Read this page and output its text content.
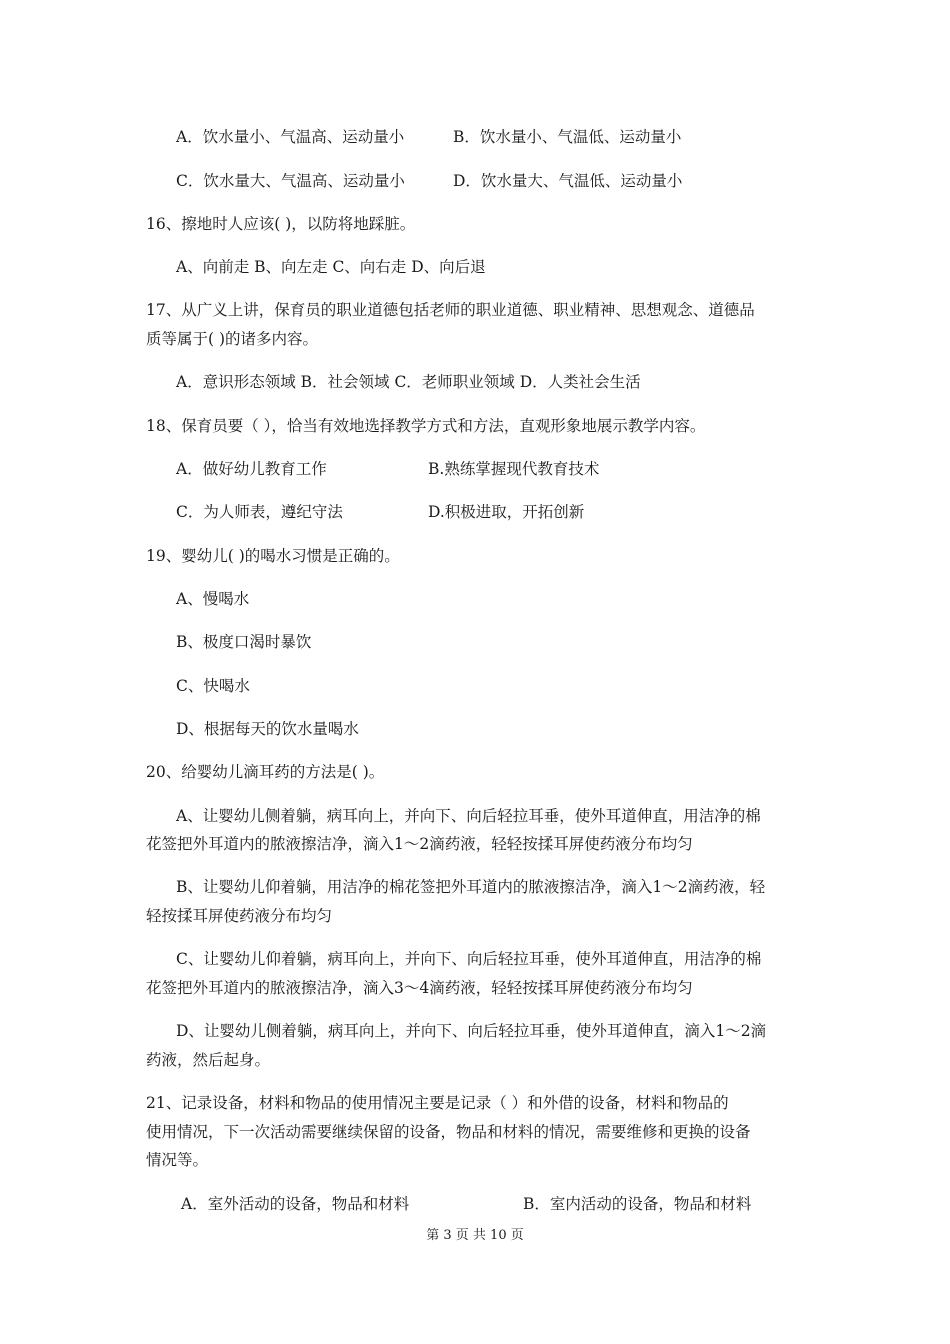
A．饮水量小、气温高、运动量小	B．饮水量小、气温低、运动量小
C．饮水量大、气温高、运动量小	D．饮水量大、气温低、运动量小
16、擦地时人应该( )，以防将地踩脏。
A、向前走 B、向左走 C、向右走 D、向后退
17、从广义上讲，保育员的职业道德包括老师的职业道德、职业精神、思想观念、道德品
质等属于( )的诸多内容。
A．意识形态领域 B．社会领域 C．老师职业领域 D．人类社会生活
18、保育员要（ ），恰当有效地选择教学方式和方法，直观形象地展示教学内容。
A．做好幼儿教育工作	B.熟练掌握现代教育技术
C．为人师表，遵纪守法	D.积极进取，开拓创新
19、婴幼儿( )的喝水习惯是正确的。
A、慢喝水
B、极度口渴时暴饮
C、快喝水
D、根据每天的饮水量喝水
20、给婴幼儿滴耳药的方法是( )。
A、让婴幼儿侧着躺，病耳向上，并向下、向后轻拉耳垂，使外耳道伸直，用洁净的棉
花签把外耳道内的脓液擦洁净，滴入1～2滴药液，轻轻按揉耳屏使药液分布均匀
B、让婴幼儿仰着躺，用洁净的棉花签把外耳道内的脓液擦洁净，滴入1～2滴药液，轻
轻按揉耳屏使药液分布均匀
C、让婴幼儿仰着躺，病耳向上，并向下、向后轻拉耳垂，使外耳道伸直，用洁净的棉
花签把外耳道内的脓液擦洁净，滴入3～4滴药液，轻轻按揉耳屏使药液分布均匀
D、让婴幼儿侧着躺，病耳向上，并向下、向后轻拉耳垂，使外耳道伸直，滴入1～2滴
药液，然后起身。
21、记录设备，材料和物品的使用情况主要是记录（ ）和外借的设备，材料和物品的
使用情况，下一次活动需要继续保留的设备，物品和材料的情况，需要维修和更换的设备
情况等。
A．室外活动的设备，物品和材料	B．室内活动的设备，物品和材料
第 3 页 共 10 页
